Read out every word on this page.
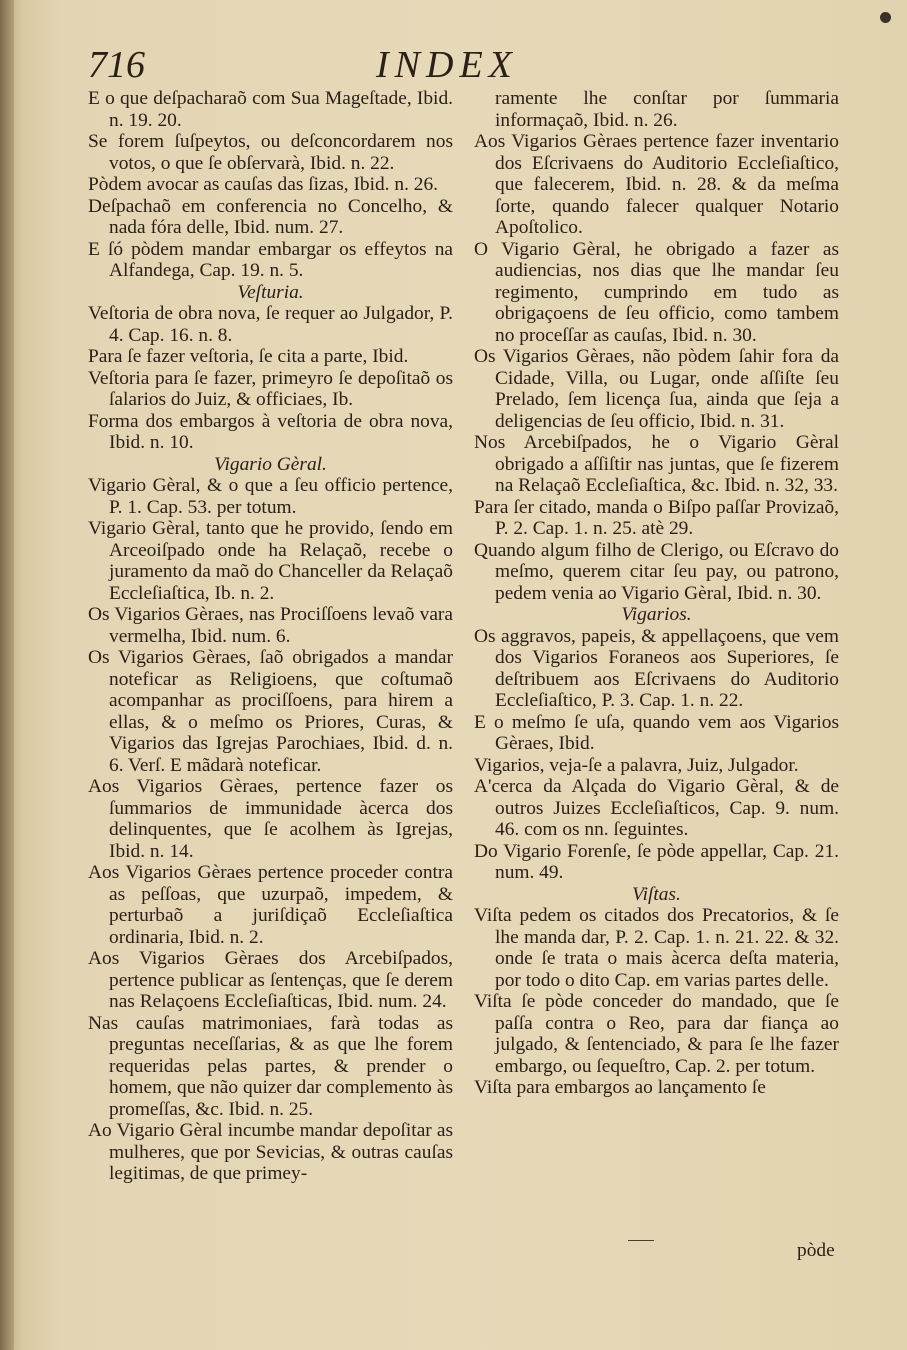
716	INDEX

E o que deſpacharaõ com Sua Mageſtade, Ibid. n. 19. 20.

Se forem ſuſpeytos, ou deſconcordarem nos votos, o que ſe obſervarà, Ibid. n. 22.

Pòdem avocar as cauſas das ſizas, Ibid. n. 26.

Deſpachaõ em conferencia no Concelho, & nada fóra delle, Ibid. num. 27.

E ſó pòdem mandar embargar os effeytos na Alfandega, Cap. 19. n. 5.

Veſturia.

Veſtoria de obra nova, ſe requer ao Julgador, P. 4. Cap. 16. n. 8.

Para ſe fazer veſtoria, ſe cita a parte, Ibid.

Veſtoria para ſe fazer, primeyro ſe depoſitaõ os ſalarios do Juiz, & officiaes, Ib.

Forma dos embargos à veſtoria de obra nova, Ibid. n. 10.

Vigario Gèral.

Vigario Gèral, & o que a ſeu officio pertence, P. 1. Cap. 53. per totum.

Vigario Gèral, tanto que he provido, ſendo em Arceoiſpado onde ha Relaçaõ, recebe o juramento da maõ do Chanceller da Relaçaõ Eccleſiaſtica, Ib. n. 2.

Os Vigarios Gèraes, nas Prociſſoens levaõ vara vermelha, Ibid. num. 6.

Os Vigarios Gèraes, ſaõ obrigados a mandar noteficar as Religioens, que coſtumaõ acompanhar as prociſſoens, para hirem a ellas, & o meſmo os Priores, Curas, & Vigarios das Igrejas Parochiaes, Ibid. d. n. 6. Verſ. E mãdarà noteficar.

Aos Vigarios Gèraes, pertence fazer os ſummarios de immunidade àcerca dos delinquentes, que ſe acolhem às Igrejas, Ibid. n. 14.

Aos Vigarios Gèraes pertence proceder contra as peſſoas, que uzurpaõ, impedem, & perturbaõ a juriſdiçaõ Eccleſiaſtica ordinaria, Ibid. n. 2.

Aos Vigarios Gèraes dos Arcebiſpados, pertence publicar as ſentenças, que ſe derem nas Relaçoens Eccleſiaſticas, Ibid. num. 24.

Nas cauſas matrimoniaes, farà todas as preguntas neceſſarias, & as que lhe forem requeridas pelas partes, & prender o homem, que não quizer dar complemento às promeſſas, &c. Ibid. n. 25.

Ao Vigario Gèral incumbe mandar depoſitar as mulheres, que por Sevicias, & outras cauſas legitimas, de que primey-

ramente lhe conſtar por ſummaria informaçaõ, Ibid. n. 26.

Aos Vigarios Gèraes pertence fazer inventario dos Eſcrivaens do Auditorio Eccleſiaſtico, que falecerem, Ibid. n. 28. & da meſma ſorte, quando falecer qualquer Notario Apoſtolico.

O Vigario Gèral, he obrigado a fazer as audiencias, nos dias que lhe mandar ſeu regimento, cumprindo em tudo as obrigaçoens de ſeu officio, como tambem no proceſſar as cauſas, Ibid. n. 30.

Os Vigarios Gèraes, não pòdem ſahir fora da Cidade, Villa, ou Lugar, onde aſſiſte ſeu Prelado, ſem licença ſua, ainda que ſeja a deligencias de ſeu officio, Ibid. n. 31.

Nos Arcebiſpados, he o Vigario Gèral obrigado a aſſiſtir nas juntas, que ſe fizerem na Relaçaõ Eccleſiaſtica, &c. Ibid. n. 32, 33.

Para ſer citado, manda o Biſpo paſſar Provizaõ, P. 2. Cap. 1. n. 25. atè 29.

Quando algum filho de Clerigo, ou Eſcravo do meſmo, querem citar ſeu pay, ou patrono, pedem venia ao Vigario Gèral, Ibid. n. 30.

Vigarios.

Os aggravos, papeis, & appellaçoens, que vem dos Vigarios Foraneos aos Superiores, ſe deſtribuem aos Eſcrivaens do Auditorio Eccleſiaſtico, P. 3. Cap. 1. n. 22.

E o meſmo ſe uſa, quando vem aos Vigarios Gèraes, Ibid.

Vigarios, veja-ſe a palavra, Juiz, Julgador.

A'cerca da Alçada do Vigario Gèral, & de outros Juizes Eccleſiaſticos, Cap. 9. num. 46. com os nn. ſeguintes.

Do Vigario Forenſe, ſe pòde appellar, Cap. 21. num. 49.

Viſtas.

Viſta pedem os citados dos Precatorios, & ſe lhe manda dar, P. 2. Cap. 1. n. 21. 22. & 32. onde ſe trata o mais àcerca deſta materia, por todo o dito Cap. em varias partes delle.

Viſta ſe pòde conceder do mandado, que ſe paſſa contra o Reo, para dar fiança ao julgado, & ſentenciado, & para ſe lhe fazer embargo, ou ſequeſtro, Cap. 2. per totum.

Viſta para embargos ao lançamento ſe

pòde
